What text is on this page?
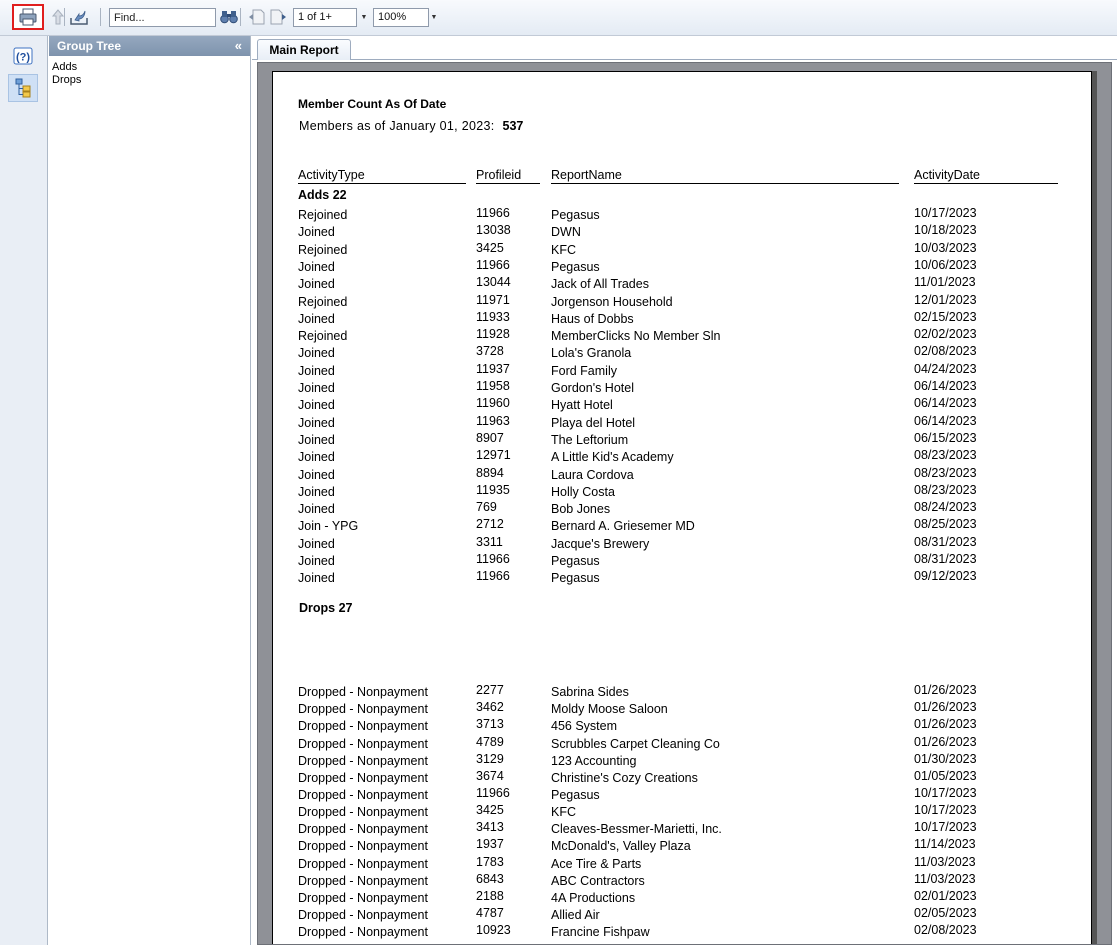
Find...
1 of 1+	▼ 100%	▼
(?)
Group Tree	«
Adds
Drops
Main Report
Member Count As Of Date
Members as of January 01, 2023: 537
ActivityType	Profileid	ReportName	ActivityDate
Adds 22
Rejoined	11966	Pegasus	10/17/2023
Joined	13038	DWN	10/18/2023
Rejoined	3425	KFC	10/03/2023
Joined	11966	Pegasus	10/06/2023
Joined	13044	Jack of All Trades	11/01/2023
Rejoined	11971	Jorgenson Household	12/01/2023
Joined	11933	Haus of Dobbs	02/15/2023
Rejoined	11928	MemberClicks No Member Sln	02/02/2023
Joined	3728	Lola's Granola	02/08/2023
Joined	11937	Ford Family	04/24/2023
Joined	11958	Gordon's Hotel	06/14/2023
Joined	11960	Hyatt Hotel	06/14/2023
Joined	11963	Playa del Hotel	06/14/2023
Joined	8907	The Leftorium	06/15/2023
Joined	12971	A Little Kid's Academy	08/23/2023
Joined	8894	Laura Cordova	08/23/2023
Joined	11935	Holly Costa	08/23/2023
Joined	769	Bob Jones	08/24/2023
Join - YPG	2712	Bernard A. Griesemer MD	08/25/2023
Joined	3311	Jacque's Brewery	08/31/2023
Joined	11966	Pegasus	08/31/2023
Joined	11966	Pegasus	09/12/2023
Drops 27
Dropped - Nonpayment	2277	Sabrina Sides	01/26/2023
Dropped - Nonpayment	3462	Moldy Moose Saloon	01/26/2023
Dropped - Nonpayment	3713	456 System	01/26/2023
Dropped - Nonpayment	4789	Scrubbles Carpet Cleaning Co	01/26/2023
Dropped - Nonpayment	3129	123 Accounting	01/30/2023
Dropped - Nonpayment	3674	Christine's Cozy Creations	01/05/2023
Dropped - Nonpayment	11966	Pegasus	10/17/2023
Dropped - Nonpayment	3425	KFC	10/17/2023
Dropped - Nonpayment	3413	Cleaves-Bessmer-Marietti, Inc.	10/17/2023
Dropped - Nonpayment	1937	McDonald's, Valley Plaza	11/14/2023
Dropped - Nonpayment	1783	Ace Tire & Parts	11/03/2023
Dropped - Nonpayment	6843	ABC Contractors	11/03/2023
Dropped - Nonpayment	2188	4A Productions	02/01/2023
Dropped - Nonpayment	4787	Allied Air	02/05/2023
Dropped - Nonpayment	10923	Francine Fishpaw	02/08/2023
